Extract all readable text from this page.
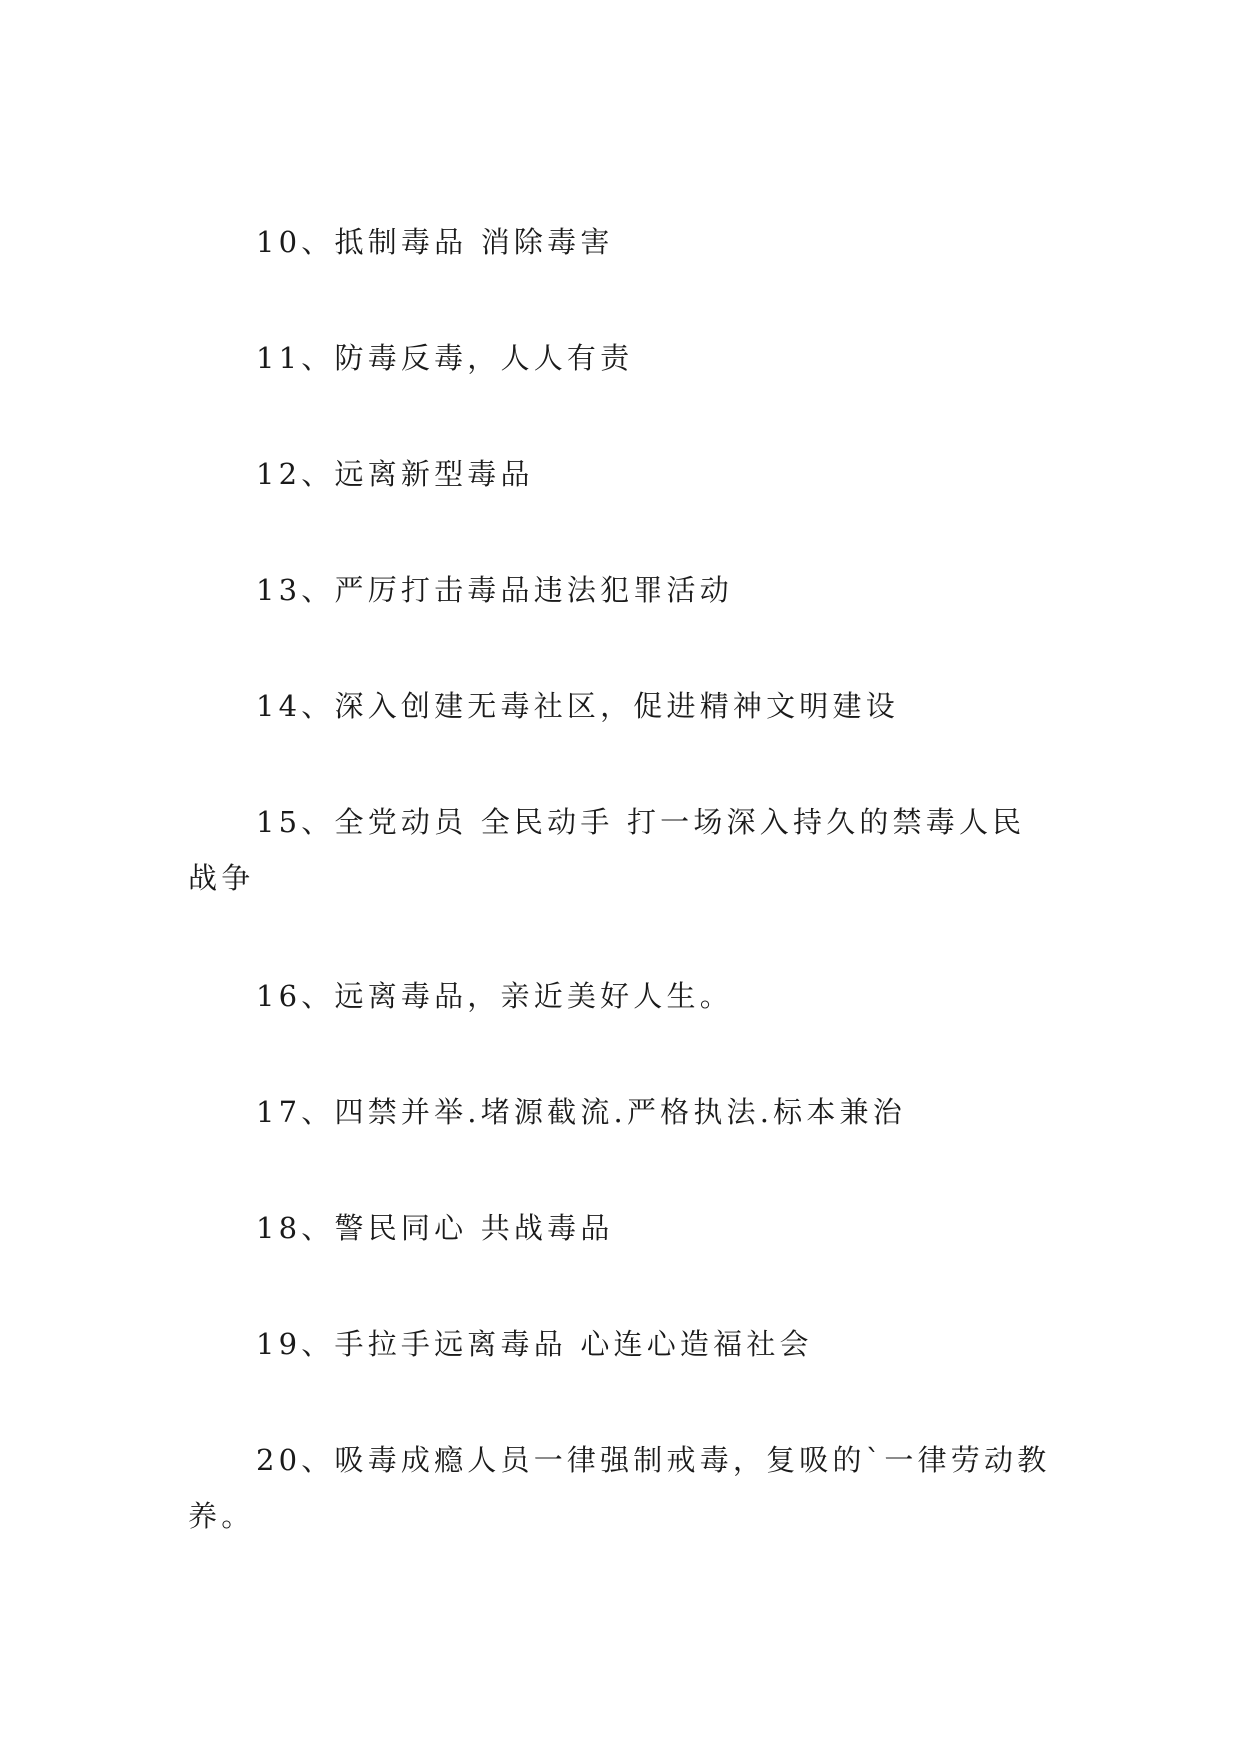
10、抵制毒品 消除毒害

11、防毒反毒，人人有责

12、远离新型毒品

13、严厉打击毒品违法犯罪活动

14、深入创建无毒社区，促进精神文明建设

15、全党动员 全民动手 打一场深入持久的禁毒人民战争

16、远离毒品，亲近美好人生。

17、四禁并举.堵源截流.严格执法.标本兼治

18、警民同心 共战毒品

19、手拉手远离毒品 心连心造福社会

20、吸毒成瘾人员一律强制戒毒，复吸的`一律劳动教养。
